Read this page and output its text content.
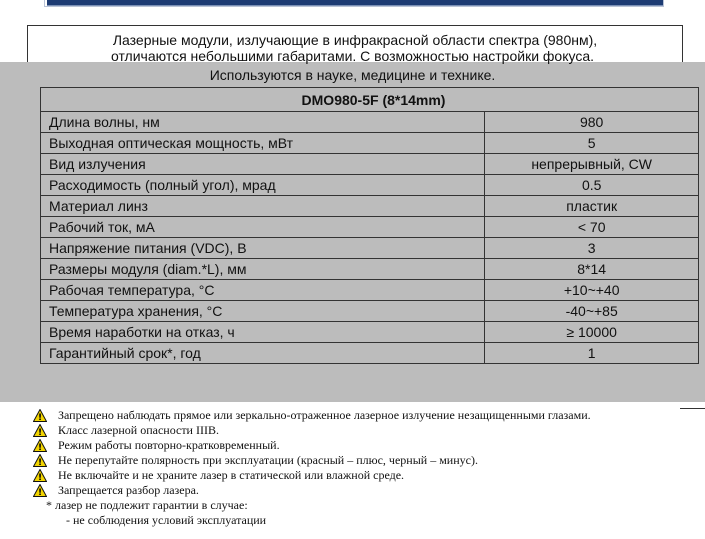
Лазерные модули, излучающие в инфракрасной области спектра (980нм),
отличаются небольшими габаритами. С возможностью настройки фокуса.
Используются в науке, медицине и технике.
DMO980-5F (8*14mm)	
Длина волны, нм	980
Выходная оптическая мощность, мВт	5
Вид излучения	непрерывный, CW
Расходимость (полный угол), мрад	0.5
Материал линз	пластик
Рабочий ток, мА	< 70
Напряжение питания (VDC), В	3
Размеры модуля (diam.*L), мм	8*14
Рабочая температура, °С	+10~+40
Температура хранения, °С	-40~+85
Время наработки на отказ, ч	≥ 10000
Гарантийный срок*, год	1
! Запрещено наблюдать прямое или зеркально-отраженное лазерное излучение незащищенными глазами.
! Класс лазерной опасности IIIB.
! Режим работы повторно-кратковременный.
! Не перепутайте полярность при эксплуатации (красный – плюс, черный – минус).
! Не включайте и не храните лазер в статической или влажной среде.
! Запрещается разбор лазера.
* лазер не подлежит гарантии в случае:
- не соблюдения условий эксплуатации
